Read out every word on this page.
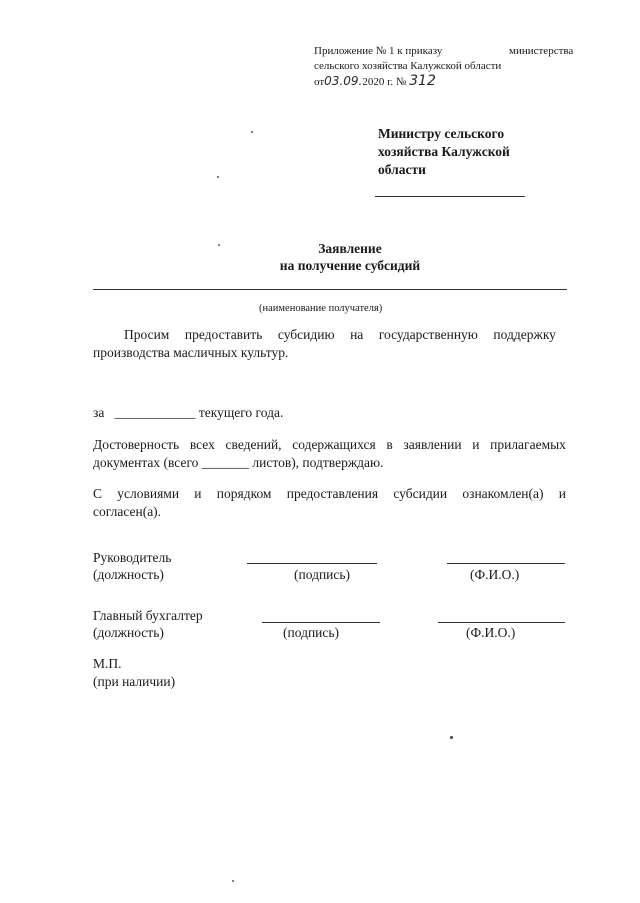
Приложение № 1 к приказу	министерства
сельского хозяйства Калужской области
от03.09.2020 г. № 312
Министру сельского
хозяйства Калужской
области
Заявление
на получение субсидий
(наименование получателя)
Просим предоставить субсидию на государственную поддержку
производства масличных культур.
за ____________ текущего года.
Достоверность всех сведений, содержащихся в заявлении и прилагаемых
документах (всего _______ листов), подтверждаю.
С условиями и порядком предоставления субсидии ознакомлен(а) и
согласен(а).
Руководитель
(должность)	(подпись)	(Ф.И.О.)
Главный бухгалтер
(должность)	(подпись)	(Ф.И.О.)
М.П.
(при наличии)
